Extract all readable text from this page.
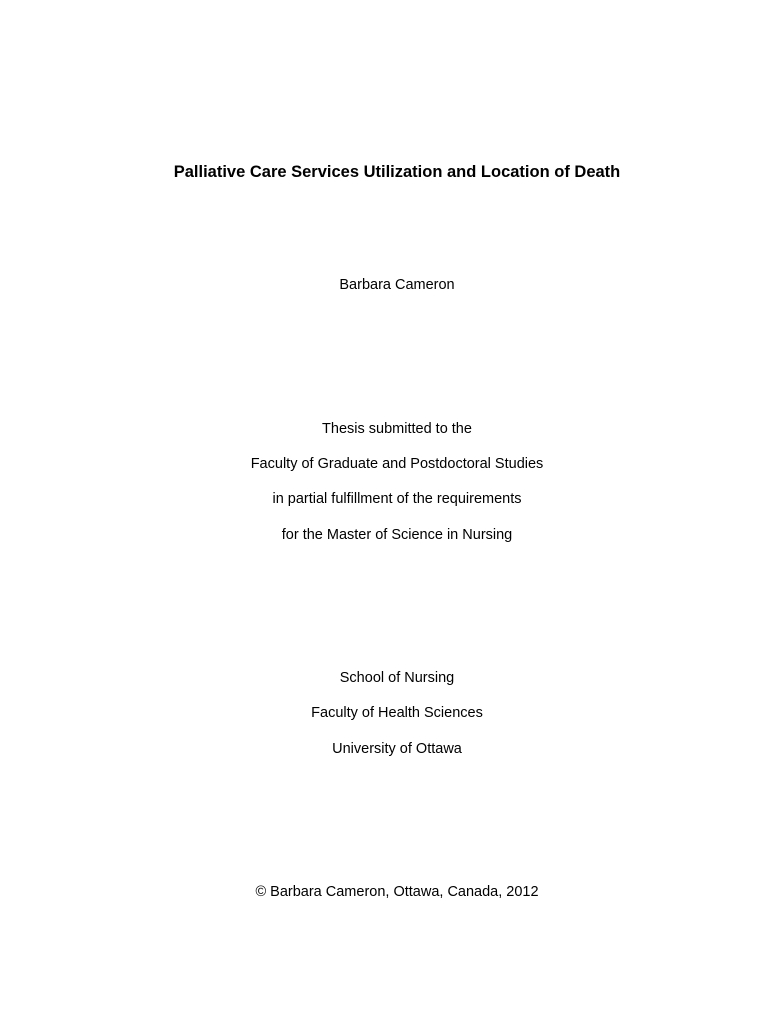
Palliative Care Services Utilization and Location of Death
Barbara Cameron
Thesis submitted to the
Faculty of Graduate and Postdoctoral Studies
in partial fulfillment of the requirements
for the Master of Science in Nursing
School of Nursing
Faculty of Health Sciences
University of Ottawa
© Barbara Cameron, Ottawa, Canada, 2012
